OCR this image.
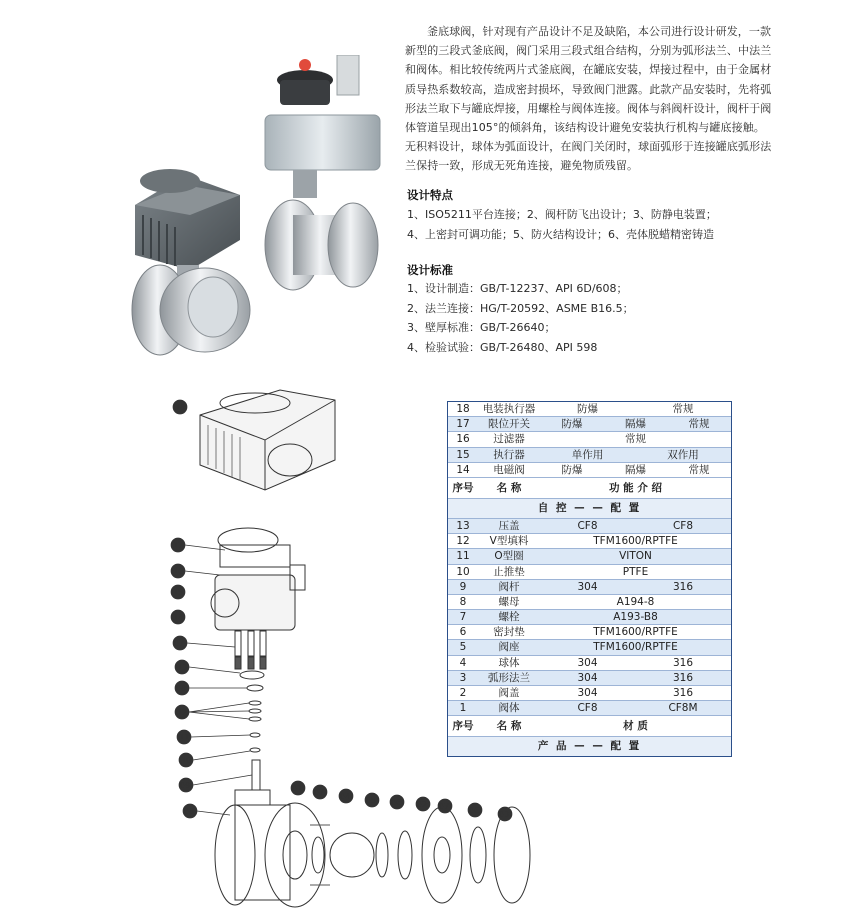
釜底球阀，针对现有产品设计不足及缺陷，本公司进行设计研发，一款新型的三段式釜底阀，阀门采用三段式组合结构，分别为弧形法兰、中法兰和阀体。相比较传统两片式釜底阀，在罐底安装，焊接过程中，由于金属材质导热系数较高，造成密封损坏，导致阀门泄露。此款产品安装时，先将弧形法兰取下与罐底焊接，用螺栓与阀体连接。阀体与斜阀杆设计，阀杆于阀体管道呈现出105°的倾斜角，该结构设计避免安装执行机构与罐底接触。无积料设计，球体为弧面设计，在阀门关闭时，球面弧形于连接罐底弧形法兰保持一致，形成无死角连接，避免物质残留。
设计特点
1、ISO5211平台连接；2、阀杆防飞出设计；3、防静电装置；
4、上密封可调功能；5、防火结构设计；6、壳体脱蜡精密铸造
设计标准
1、设计制造：GB/T-12237、API 6D/608；
2、法兰连接：HG/T-20592、ASME B16.5；
3、壁厚标准：GB/T-26640；
4、检验试验：GB/T-26480、API 598
18
17
16
15
14
07
13
08
12
11
10
09
08
01 07 04 05 06 02 07 06 03
18	电装执行器	防爆	常规
17	限位开关	防爆	隔爆	常规
16	过滤器	常规
15	执行器	单作用	双作用
14	电磁阀	防爆	隔爆	常规
序号	名 称	功 能 介 绍
自 控 — — 配 置
13	压盖	CF8	CF8
12	V型填料	TFM1600/RPTFE
11	O型圈	VITON
10	止推垫	PTFE
9	阀杆	304	316
8	螺母	A194-8
7	螺栓	A193-B8
6	密封垫	TFM1600/RPTFE
5	阀座	TFM1600/RPTFE
4	球体	304	316
3	弧形法兰	304	316
2	阀盖	304	316
1	阀体	CF8	CF8M
序号	名 称	材 质
产 品 — — 配 置
